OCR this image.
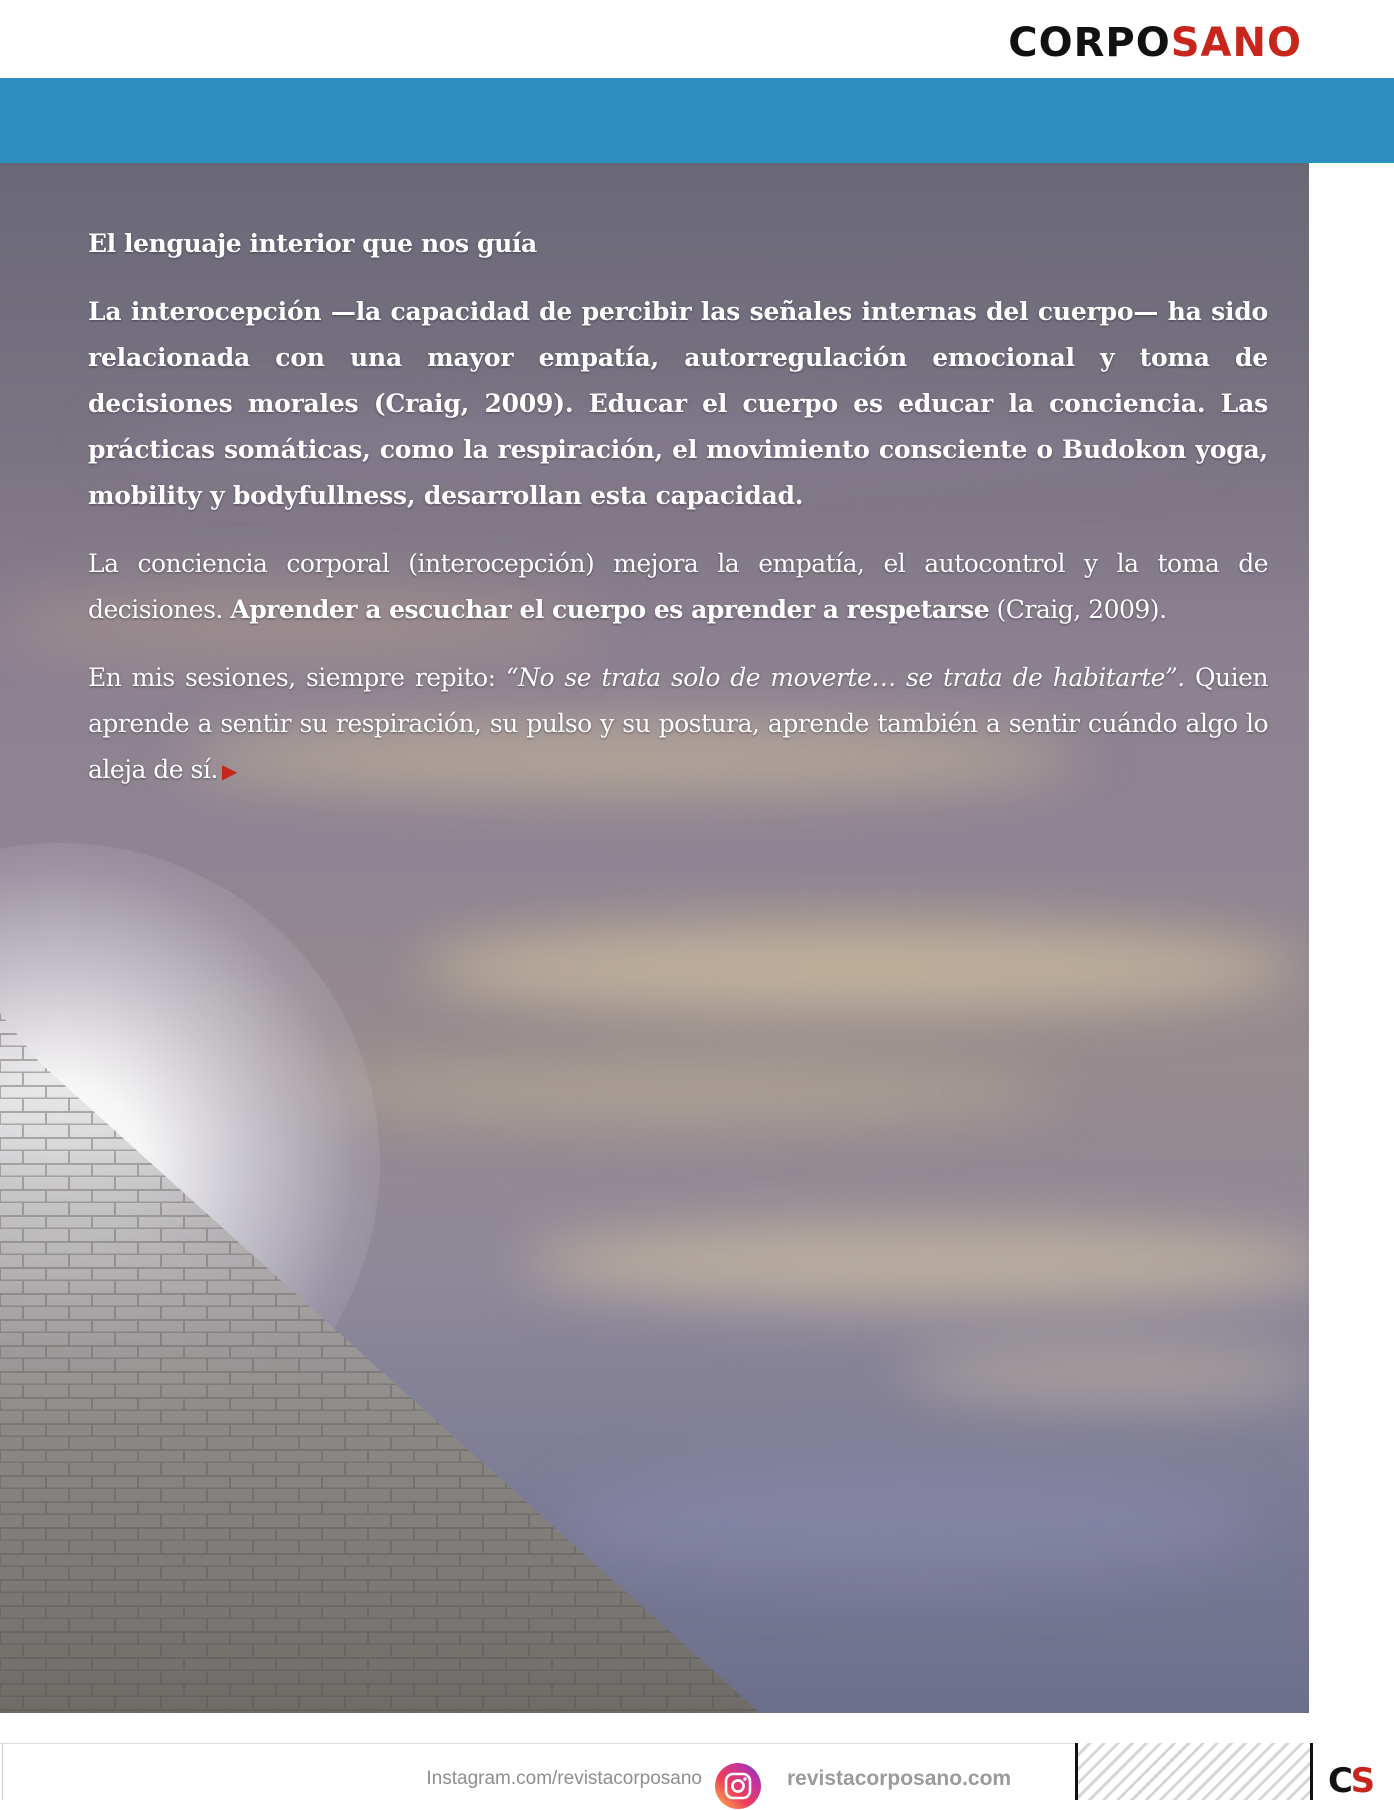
CORPOSANO
El lenguaje interior que nos guía

La interocepción —la capacidad de percibir las señales internas del cuerpo— ha sido relacionada con una mayor empatía, autorregulación emocional y toma de decisiones morales (Craig, 2009). Educar el cuerpo es educar la conciencia. Las prácticas somáticas, como la respiración, el movimiento consciente o Budokon yoga, mobility y bodyfullness, desarrollan esta capacidad.

La conciencia corporal (interocepción) mejora la empatía, el autocontrol y la toma de decisiones. Aprender a escuchar el cuerpo es aprender a respetarse (Craig, 2009).

En mis sesiones, siempre repito: “No se trata solo de moverte… se trata de habitarte”. Quien aprende a sentir su respiración, su pulso y su postura, aprende también a sentir cuándo algo lo aleja de sí. ▶

Instagram.com/revistacorposano	revistacorposano.com	CS
